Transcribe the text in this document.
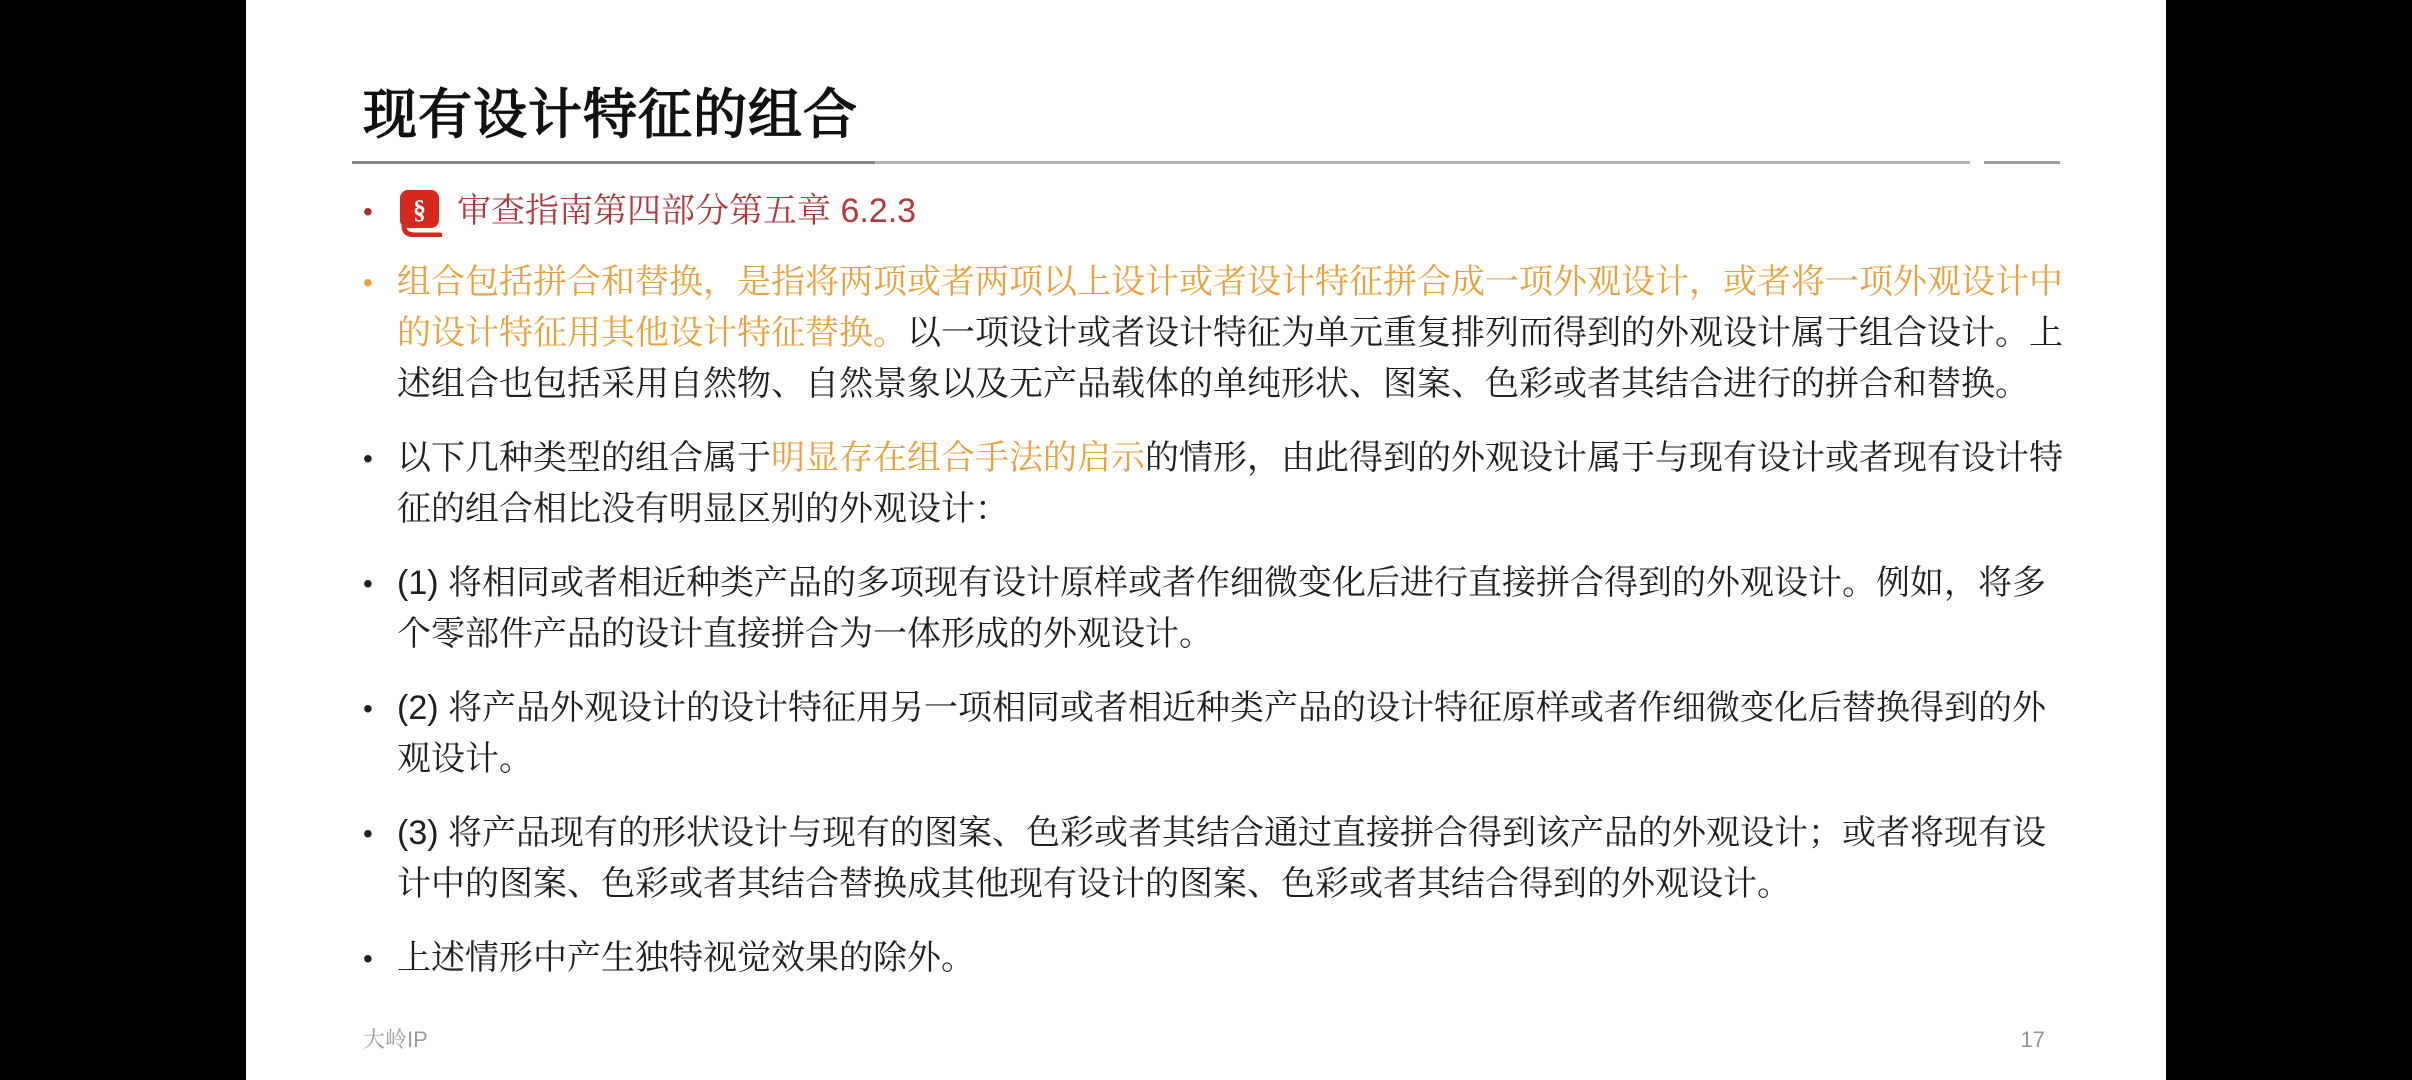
现有设计特征的组合
•	§ 审查指南第四部分第五章 6.2.3
• 组合包括拼合和替换，是指将两项或者两项以上设计或者设计特征拼合成一项外观设计，或者将一项外观设计中的设计特征用其他设计特征替换。以一项设计或者设计特征为单元重复排列而得到的外观设计属于组合设计。上述组合也包括采用自然物、自然景象以及无产品载体的单纯形状、图案、色彩或者其结合进行的拼合和替换。
• 以下几种类型的组合属于明显存在组合手法的启示的情形，由此得到的外观设计属于与现有设计或者现有设计特征的组合相比没有明显区别的外观设计：
• (1) 将相同或者相近种类产品的多项现有设计原样或者作细微变化后进行直接拼合得到的外观设计。例如，将多个零部件产品的设计直接拼合为一体形成的外观设计。
• (2) 将产品外观设计的设计特征用另一项相同或者相近种类产品的设计特征原样或者作细微变化后替换得到的外观设计。
• (3) 将产品现有的形状设计与现有的图案、色彩或者其结合通过直接拼合得到该产品的外观设计；或者将现有设计中的图案、色彩或者其结合替换成其他现有设计的图案、色彩或者其结合得到的外观设计。
• 上述情形中产生独特视觉效果的除外。
大岭IP	17
